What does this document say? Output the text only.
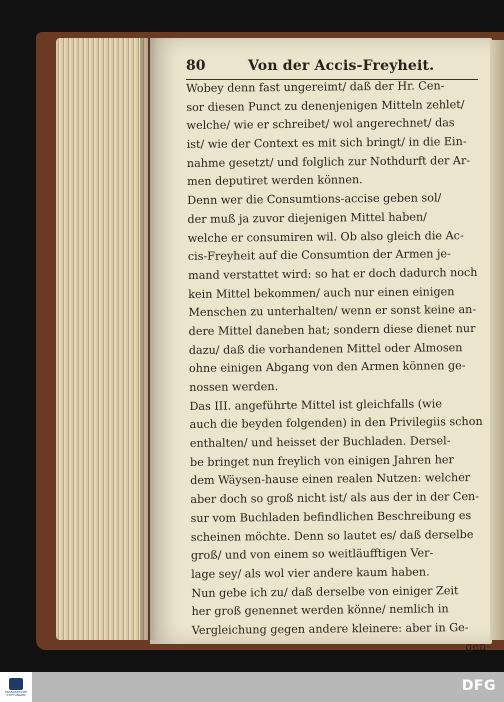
80	Von der Accis-Freyheit.
Wobey denn fast ungereimt/ daß der Hr. Cen-
sor diesen Punct zu denenjenigen Mitteln zehlet/
welche/ wie er schreibet/ wol angerechnet/ das
ist/ wie der Context es mit sich bringt/ in die Ein-
nahme gesetzt/ und folglich zur Nothdurft der Ar-
men deputiret werden können.
Denn wer die Consumtions-accise geben sol/
der muß ja zuvor diejenigen Mittel haben/
welche er consumiren wil. Ob also gleich die Ac-
cis-Freyheit auf die Consumtion der Armen je-
mand verstattet wird: so hat er doch dadurch noch
kein Mittel bekommen/ auch nur einen einigen
Menschen zu unterhalten/ wenn er sonst keine an-
dere Mittel daneben hat; sondern diese dienet nur
dazu/ daß die vorhandenen Mittel oder Almosen
ohne einigen Abgang von den Armen können ge-
nossen werden.
Das III. angeführte Mittel ist gleichfalls (wie
auch die beyden folgenden) in den Privilegiis schon
enthalten/ und heisset der Buchladen. Dersel-
be bringet nun freylich von einigen Jahren her
dem Wäysen-hause einen realen Nutzen: welcher
aber doch so groß nicht ist/ als aus der in der Cen-
sur vom Buchladen befindlichen Beschreibung es
scheinen möchte. Denn so lautet es/ daß derselbe
groß/ und von einem so weitläufftigen Ver-
lage sey/ als wol vier andere kaum haben.
Nun gebe ich zu/ daß derselbe von einiger Zeit
her groß genennet werden könne/ nemlich in
Vergleichung gegen andere kleinere: aber in Ge-
gen-
FRANCKESCHE STIFTUNGEN
DFG
